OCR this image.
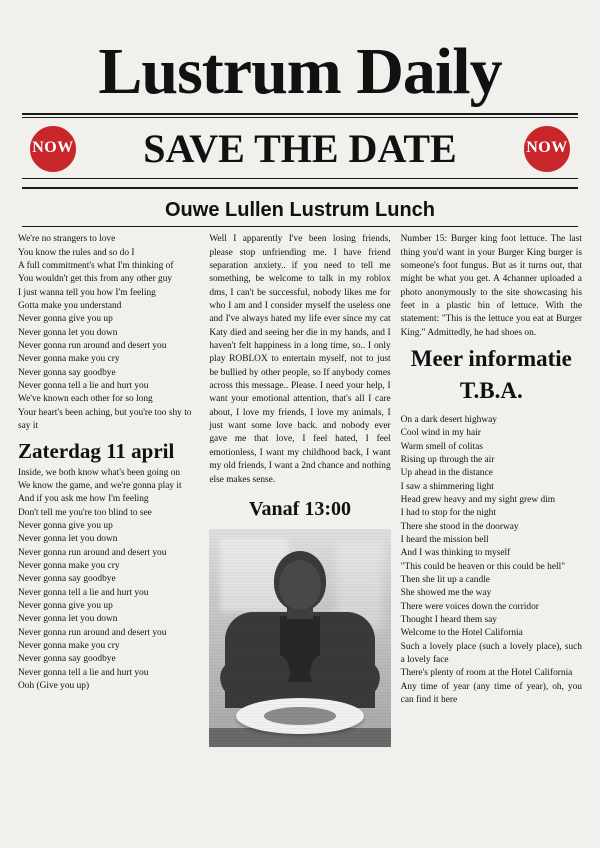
Lustrum Daily
NOW	SAVE THE DATE	NOW
Ouwe Lullen Lustrum Lunch

We're no strangers to love
You know the rules and so do I
A full commitment's what I'm thinking of
You wouldn't get this from any other guy
I just wanna tell you how I'm feeling
Gotta make you understand
Never gonna give you up
Never gonna let you down
Never gonna run around and desert you
Never gonna make you cry
Never gonna say goodbye
Never gonna tell a lie and hurt you
We've known each other for so long
Your heart's been aching, but you're too shy to say it

Zaterdag 11 april

Inside, we both know what's been going on
We know the game, and we're gonna play it
And if you ask me how I'm feeling
Don't tell me you're too blind to see
Never gonna give you up
Never gonna let you down
Never gonna run around and desert you
Never gonna make you cry
Never gonna say goodbye
Never gonna tell a lie and hurt you
Never gonna give you up
Never gonna let you down
Never gonna run around and desert you
Never gonna make you cry
Never gonna say goodbye
Never gonna tell a lie and hurt you
Ooh (Give you up)

Well I apparently I've been losing friends, please stop unfriending me. I have friend separation anxiety.. if you need to tell me something, be welcome to talk in my roblox dms, I can't be successful, nobody likes me for who I am and I consider myself the useless one and I've always hated my life ever since my cat Katy died and seeing her die in my hands, and I haven't felt happiness in a long time, so.. I only play ROBLOX to entertain myself, not to just be bullied by other people, so If anybody comes across this message.. Please. I need your help, I want your emotional attention, that's all I care about, I love my friends, I love my animals, I just want some love back. and nobody ever gave me that love, I feel hated, I feel emotionless, I want my childhood back, I want my old friends, I want a 2nd chance and nothing else makes sense.

Vanaf 13:00

Number 15: Burger king foot lettuce. The last thing you'd want in your Burger King burger is someone's foot fungus. But as it turns out, that might be what you get. A 4channer uploaded a photo anonymously to the site showcasing his feet in a plastic bin of lettuce. With the statement: "This is the lettuce you eat at Burger King." Admittedly, he had shoes on.

Meer informatie
T.B.A.

On a dark desert highway
Cool wind in my hair
Warm smell of colitas
Rising up through the air
Up ahead in the distance
I saw a shimmering light
Head grew heavy and my sight grew dim
I had to stop for the night
There she stood in the doorway
I heard the mission bell
And I was thinking to myself
"This could be heaven or this could be hell"
Then she lit up a candle
She showed me the way
There were voices down the corridor
Thought I heard them say
Welcome to the Hotel California
Such a lovely place (such a lovely place), such a lovely face
There's plenty of room at the Hotel California
Any time of year (any time of year), oh, you can find it here
